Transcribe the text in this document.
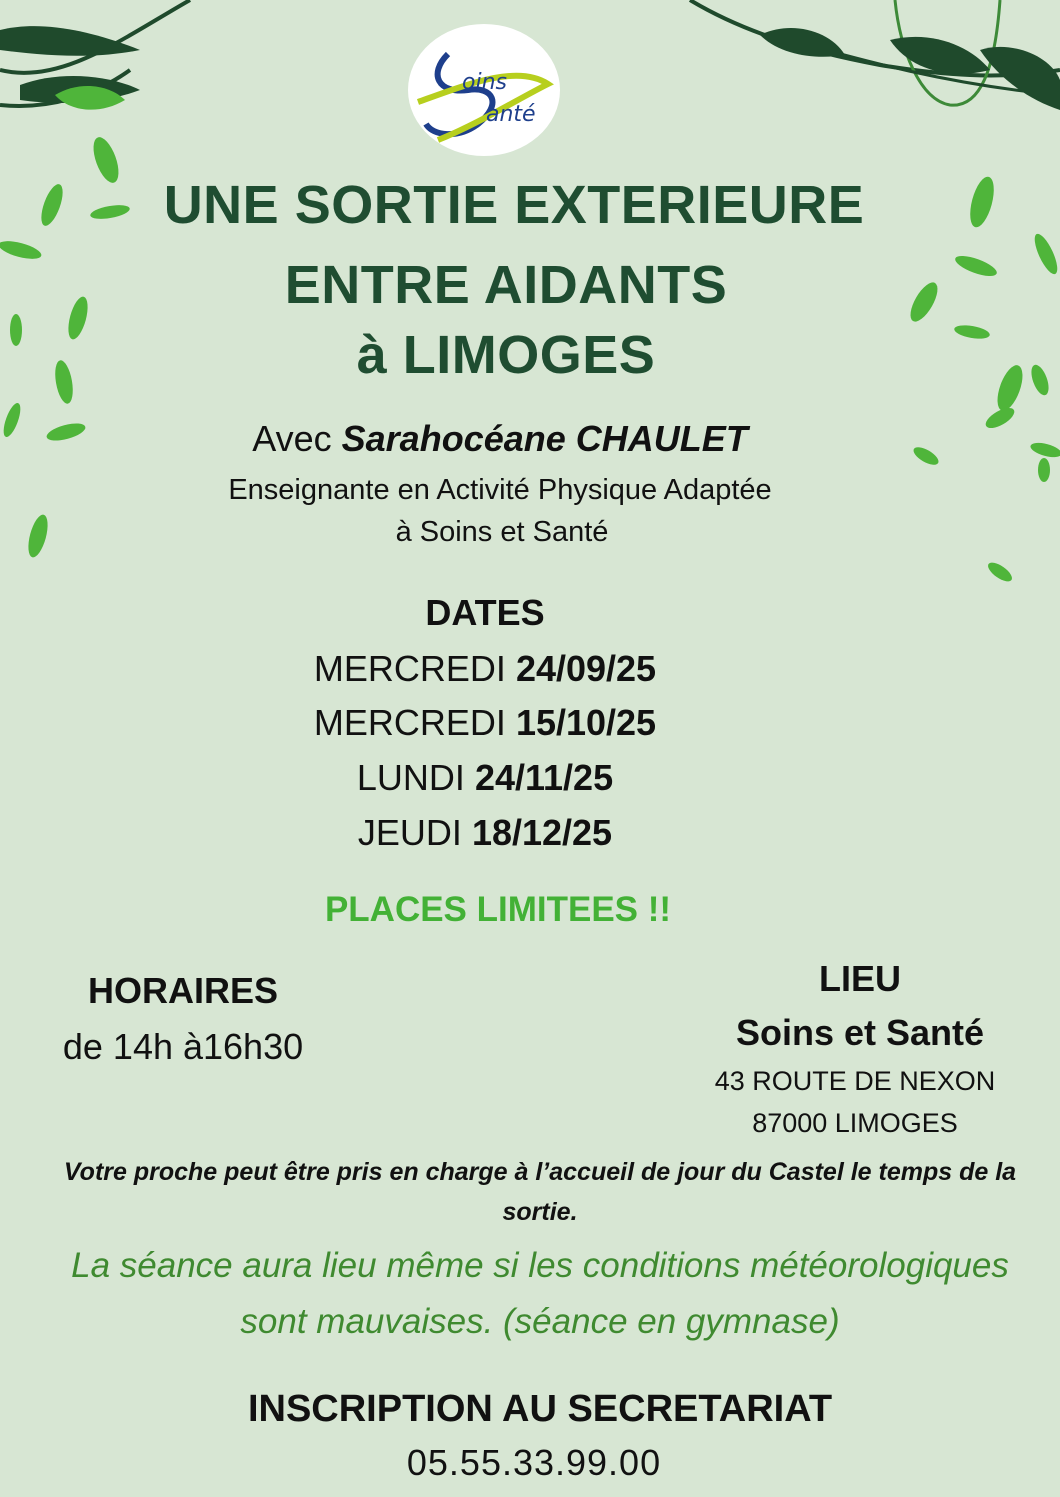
oins
anté
UNE SORTIE EXTERIEURE
ENTRE AIDANTS
à LIMOGES
Avec Sarahocéane CHAULET
Enseignante en Activité Physique Adaptée
à Soins et Santé
DATES
MERCREDI 24/09/25
MERCREDI 15/10/25
LUNDI 24/11/25
JEUDI 18/12/25
PLACES LIMITEES !!
HORAIRES
de 14h à16h30
LIEU
Soins et Santé
43 ROUTE DE NEXON
87000 LIMOGES
Votre proche peut être pris en charge à l’accueil de jour du Castel le temps de la sortie.
La séance aura lieu même si les conditions météorologiques
sont mauvaises. (séance en gymnase)
INSCRIPTION AU SECRETARIAT
05.55.33.99.00
